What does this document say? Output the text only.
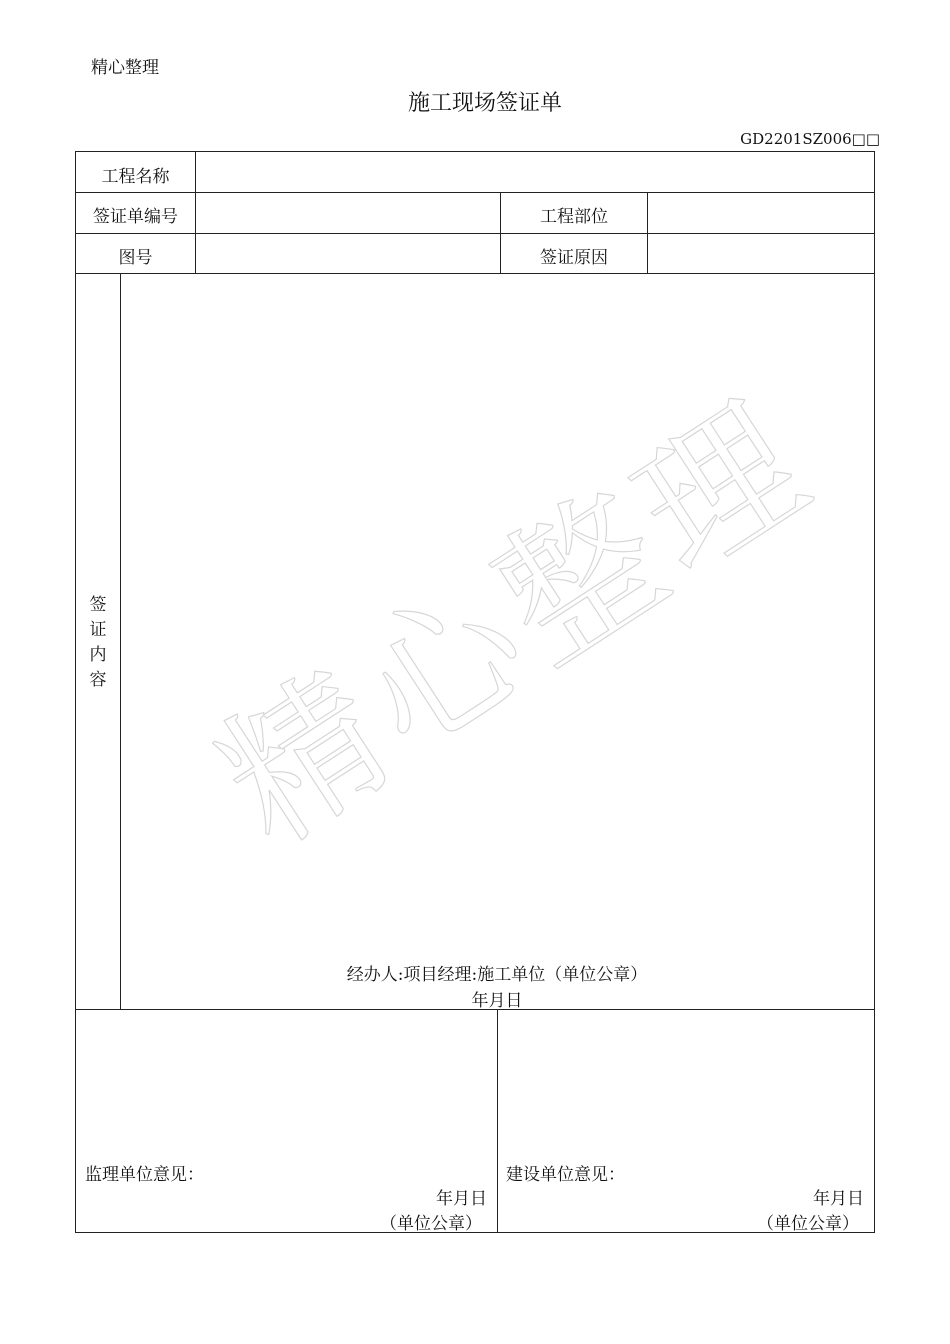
精心整理
施工现场签证单
GD2201SZ006□□
工程名称
签证单编号	工程部位
图号	签证原因
签
证
内
容
经办人:项目经理:施工单位（单位公章）
年月日
监理单位意见：
年月日
（单位公章）
建设单位意见：
年月日
（单位公章）
精心整理
